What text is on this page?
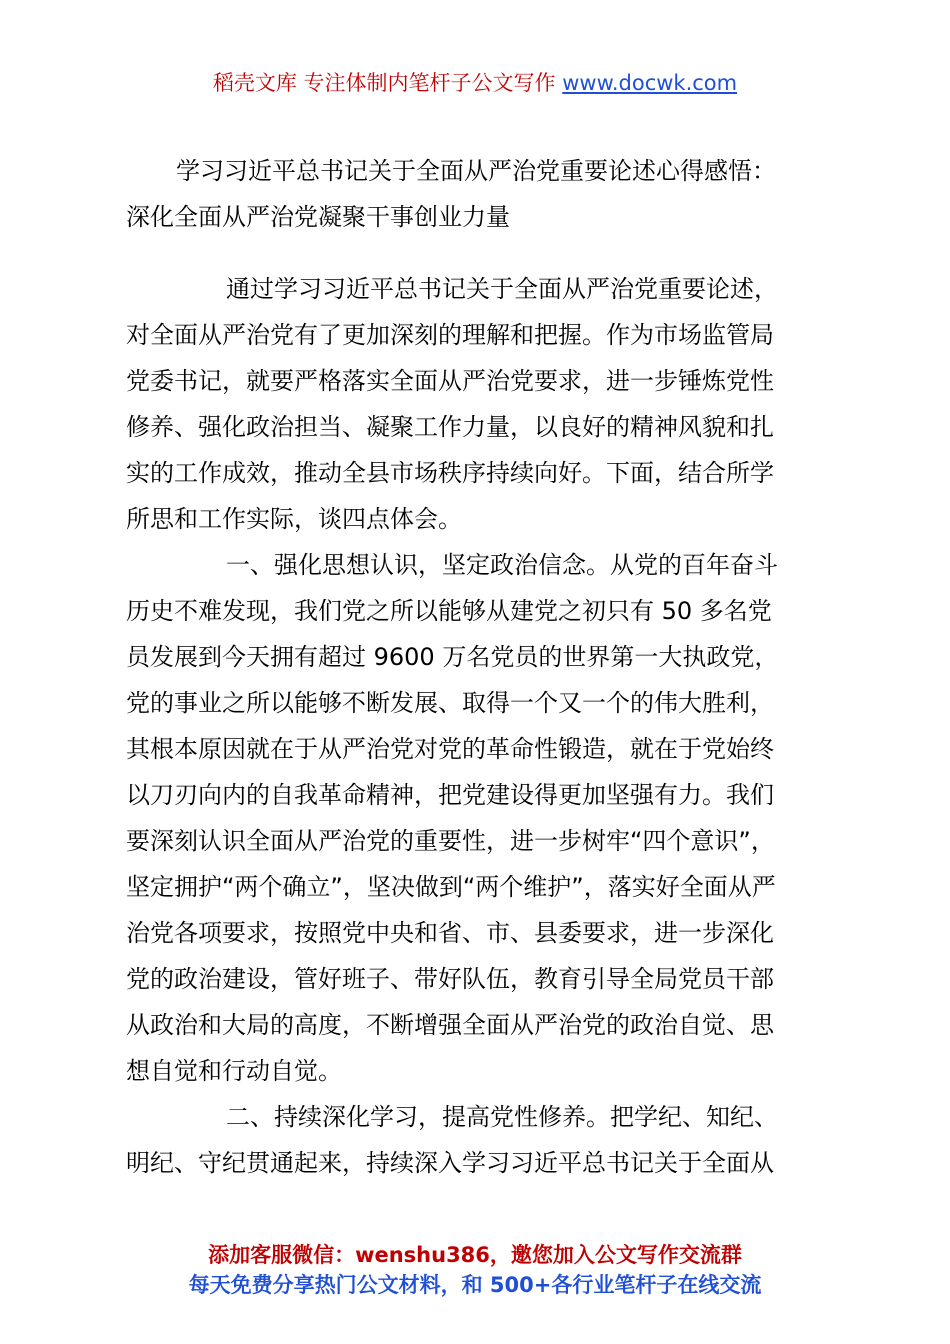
稻壳文库 专注体制内笔杆子公文写作 www.docwk.com
学习习近平总书记关于全面从严治党重要论述心得感悟：
深化全面从严治党凝聚干事创业力量
通过学习习近平总书记关于全面从严治党重要论述，
对全面从严治党有了更加深刻的理解和把握。作为市场监管局
党委书记，就要严格落实全面从严治党要求，进一步锤炼党性
修养、强化政治担当、凝聚工作力量，以良好的精神风貌和扎
实的工作成效，推动全县市场秩序持续向好。下面，结合所学
所思和工作实际，谈四点体会。
一、强化思想认识，坚定政治信念。从党的百年奋斗
历史不难发现，我们党之所以能够从建党之初只有 50 多名党
员发展到今天拥有超过 9600 万名党员的世界第一大执政党，
党的事业之所以能够不断发展、取得一个又一个的伟大胜利，
其根本原因就在于从严治党对党的革命性锻造，就在于党始终
以刀刃向内的自我革命精神，把党建设得更加坚强有力。我们
要深刻认识全面从严治党的重要性，进一步树牢“四个意识”，
坚定拥护“两个确立”，坚决做到“两个维护”，落实好全面从严
治党各项要求，按照党中央和省、市、县委要求，进一步深化
党的政治建设，管好班子、带好队伍，教育引导全局党员干部
从政治和大局的高度，不断增强全面从严治党的政治自觉、思
想自觉和行动自觉。
二、持续深化学习，提高党性修养。把学纪、知纪、
明纪、守纪贯通起来，持续深入学习习近平总书记关于全面从
添加客服微信：wenshu386，邀您加入公文写作交流群
每天免费分享热门公文材料，和 500+各行业笔杆子在线交流
